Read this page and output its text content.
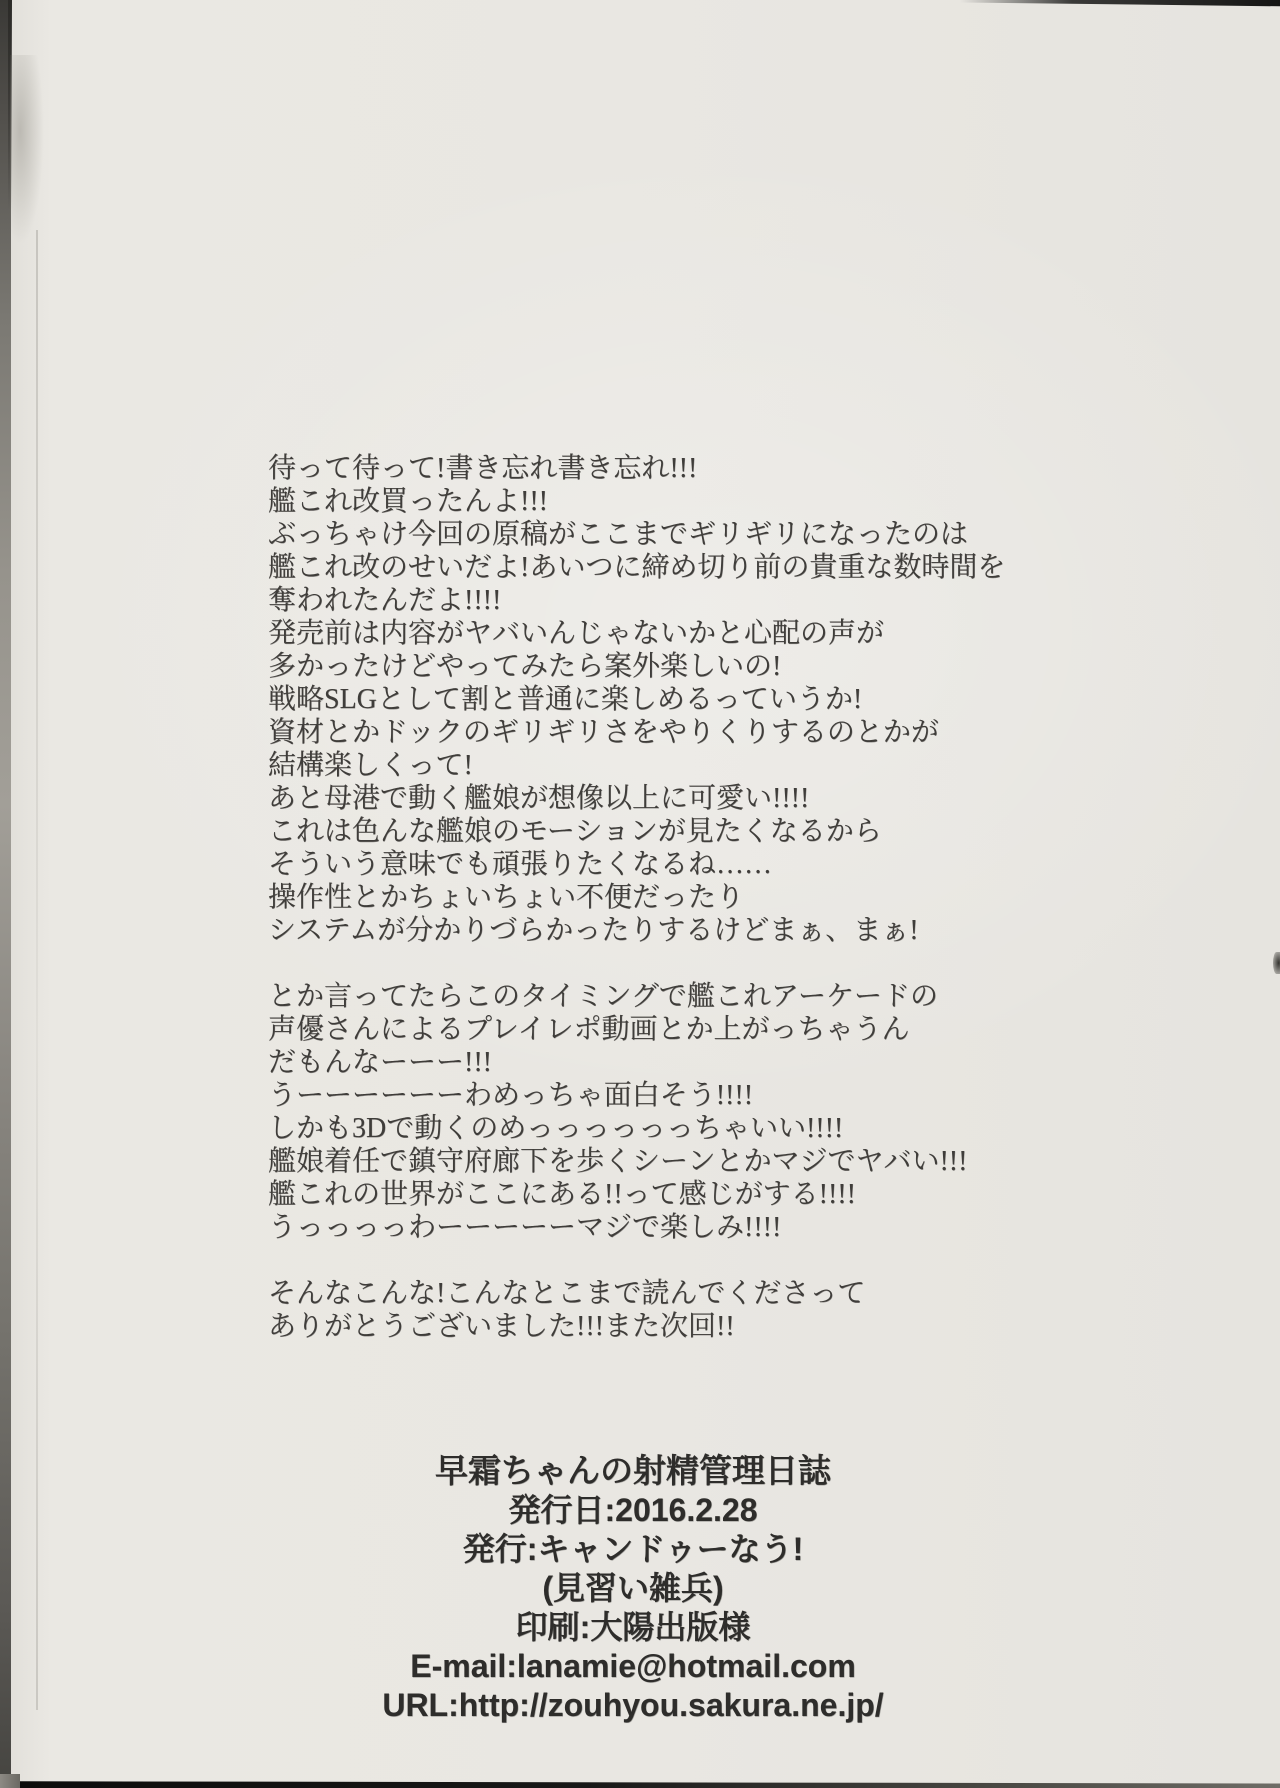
待って待って!書き忘れ書き忘れ!!!
艦これ改買ったんよ!!!
ぶっちゃけ今回の原稿がここまでギリギリになったのは
艦これ改のせいだよ!あいつに締め切り前の貴重な数時間を
奪われたんだよ!!!!
発売前は内容がヤバいんじゃないかと心配の声が
多かったけどやってみたら案外楽しいの!
戦略SLGとして割と普通に楽しめるっていうか!
資材とかドックのギリギリさをやりくりするのとかが
結構楽しくって!
あと母港で動く艦娘が想像以上に可愛い!!!!
これは色んな艦娘のモーションが見たくなるから
そういう意味でも頑張りたくなるね……
操作性とかちょいちょい不便だったり
システムが分かりづらかったりするけどまぁ、まぁ!
とか言ってたらこのタイミングで艦これアーケードの
声優さんによるプレイレポ動画とか上がっちゃうん
だもんなーーー!!!
うーーーーーーわめっちゃ面白そう!!!!
しかも3Dで動くのめっっっっっっちゃいい!!!!
艦娘着任で鎮守府廊下を歩くシーンとかマジでヤバい!!!
艦これの世界がここにある!!って感じがする!!!!
うっっっっわーーーーーマジで楽しみ!!!!
そんなこんな!こんなとこまで読んでくださって
ありがとうございました!!!また次回!!
早霜ちゃんの射精管理日誌
発行日:2016.2.28
発行:キャンドゥーなう!
(見習い雑兵)
印刷:大陽出版様
E-mail:lanamie@hotmail.com
URL:http://zouhyou.sakura.ne.jp/
